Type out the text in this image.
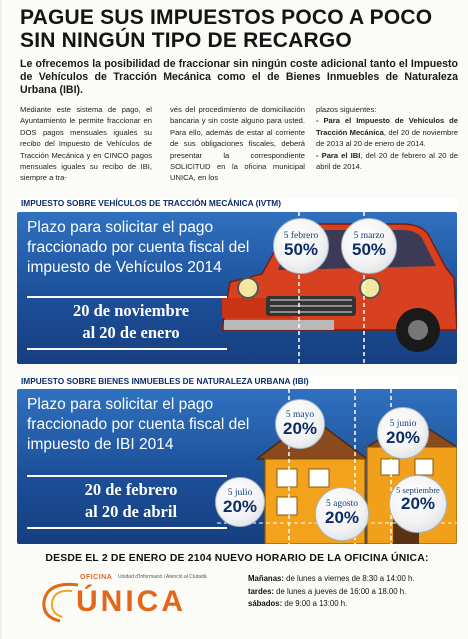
PAGUE SUS IMPUESTOS POCO A POCO SIN NINGÚN TIPO DE RECARGO
Le ofrecemos la posibilidad de fraccionar sin ningún coste adicional tanto el Impuesto de Vehículos de Tracción Mecánica como el de Bienes Inmuebles de Naturaleza Urbana (IBI).
Mediante este sistema de pago, el Ayuntamiento le permite fraccionar en DOS pagos mensuales iguales su recibo del Impuesto de Vehículos de Tracción Mecánica y en CINCO pagos mensuales iguales su recibo de IBI, siempre a tra-
vés del procedimiento de domiciliación bancaria y sin coste alguno para usted. Para ello, además de estar al corriente de sus obligaciones fiscales, deberá presentar la correspondiente SOLICITUD en la oficina municipal UNICA, en los
plazos siguientes:
- Para el Impuesto de Vehículos de Tracción Mecánica, del 20 de noviembre de 2013 al 20 de enero de 2014.
- Para el IBI, del 20 de febrero al 20 de abril de 2014.
IMPUESTO SOBRE VEHÍCULOS DE TRACCIÓN MECÁNICA (IVTM)
Plazo para solicitar el pago fraccionado por cuenta fiscal del impuesto de Vehículos 2014
20 de noviembre
al 20 de enero
5 febrero
50%
5 marzo
50%
IMPUESTO SOBRE BIENES INMUEBLES DE NATURALEZA URBANA (IBI)
Plazo para solicitar el pago fraccionado por cuenta fiscal del impuesto de IBI 2014
20 de febrero
al 20 de abril
5 mayo
20%	5 junio
20%
5 julio
20%	5 agosto
20%
5 septiembre
20%
DESDE EL 2 DE ENERO DE 2104 NUEVO HORARIO DE LA OFICINA ÚNICA:
OFICINA Unidad d'Informació i Atenció al Ciutadà
ÚNICA
Mañanas: de lunes a viernes de 8:30 a 14:00 h.
tardes: de lunes a jueves de 16:00 a 18.00 h.
sábados: de 9:00 a 13:00 h.
